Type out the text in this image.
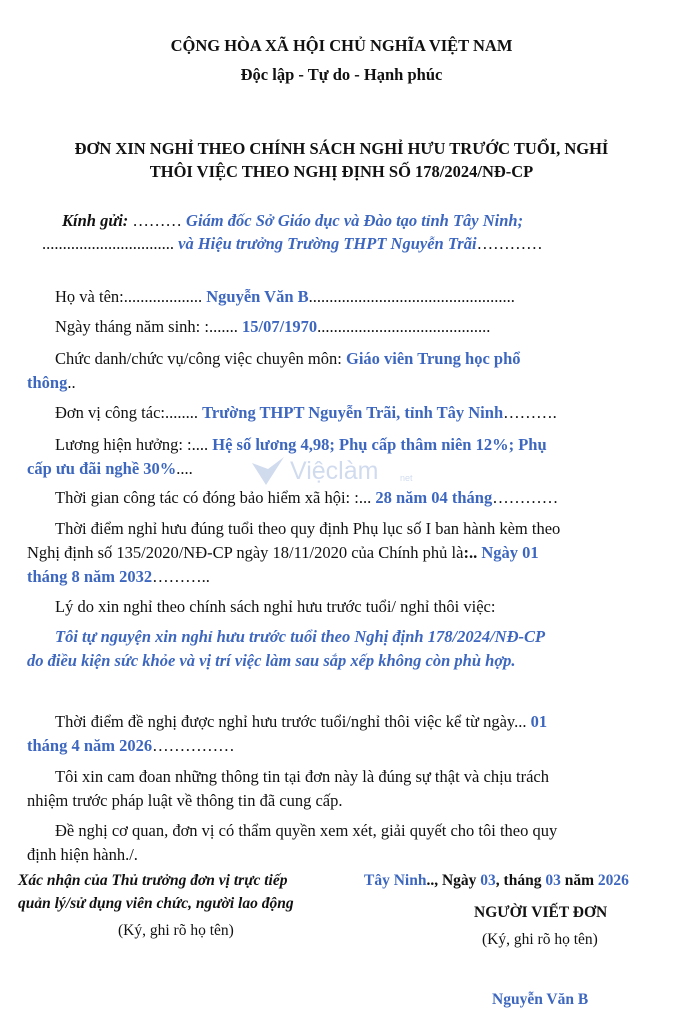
CỘNG HÒA XÃ HỘI CHỦ NGHĨA VIỆT NAM
Độc lập - Tự do - Hạnh phúc
ĐƠN XIN NGHỈ THEO CHÍNH SÁCH NGHỈ HƯU TRƯỚC TUỔI, NGHỈ
THÔI VIỆC THEO NGHỊ ĐỊNH SỐ 178/2024/NĐ-CP
Kính gửi: ……… Giám đốc Sở Giáo dục và Đào tạo tỉnh Tây Ninh;
................................ và Hiệu trưởng Trường THPT Nguyễn Trãi…………
Họ và tên:................... Nguyễn Văn B..................................................
Ngày tháng năm sinh: :....... 15/07/1970..........................................
Chức danh/chức vụ/công việc chuyên môn: Giáo viên Trung học phổ
thông..
Đơn vị công tác:........ Trường THPT Nguyễn Trãi, tỉnh Tây Ninh……….
Lương hiện hưởng: :.... Hệ số lương 4,98; Phụ cấp thâm niên 12%; Phụ
cấp ưu đãi nghề 30%....	Việclàm net
Thời gian công tác có đóng bảo hiểm xã hội: :... 28 năm 04 tháng…………
Thời điểm nghỉ hưu đúng tuổi theo quy định Phụ lục số I ban hành kèm theo
Nghị định số 135/2020/NĐ-CP ngày 18/11/2020 của Chính phủ là:.. Ngày 01
tháng 8 năm 2032………..
Lý do xin nghỉ theo chính sách nghỉ hưu trước tuổi/ nghỉ thôi việc:
Tôi tự nguyện xin nghỉ hưu trước tuổi theo Nghị định 178/2024/NĐ-CP
do điều kiện sức khỏe và vị trí việc làm sau sắp xếp không còn phù hợp.
Thời điểm đề nghị được nghỉ hưu trước tuổi/nghỉ thôi việc kể từ ngày... 01
tháng 4 năm 2026……………
Tôi xin cam đoan những thông tin tại đơn này là đúng sự thật và chịu trách
nhiệm trước pháp luật về thông tin đã cung cấp.
Đề nghị cơ quan, đơn vị có thẩm quyền xem xét, giải quyết cho tôi theo quy
định hiện hành./.
Xác nhận của Thủ trưởng đơn vị trực tiếp
quản lý/sử dụng viên chức, người lao động
(Ký, ghi rõ họ tên)
Tây Ninh.., Ngày 03, tháng 03 năm 2026
NGƯỜI VIẾT ĐƠN
(Ký, ghi rõ họ tên)
Nguyễn Văn B
